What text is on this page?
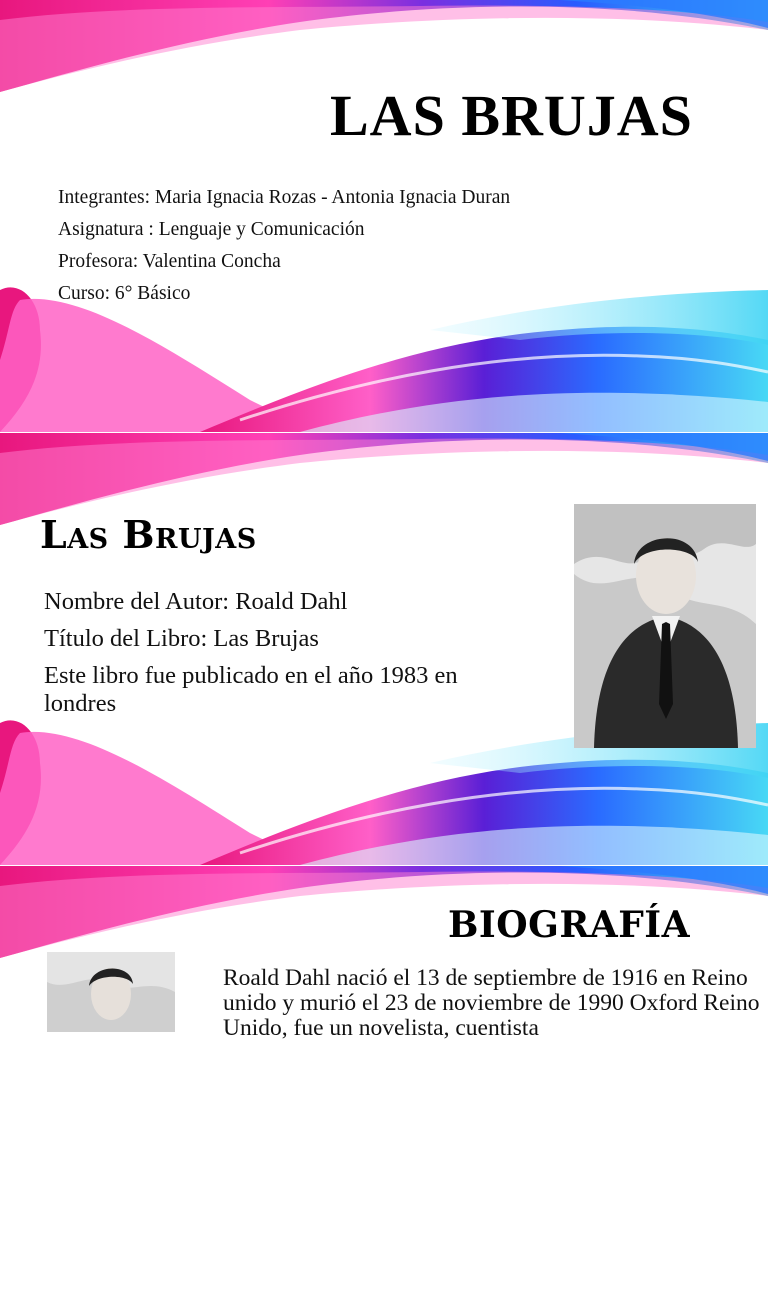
LAS BRUJAS
Integrantes: Maria Ignacia Rozas - Antonia Ignacia Duran
Asignatura : Lenguaje y Comunicación
Profesora: Valentina Concha
Curso: 6° Básico
Las Brujas

Nombre del Autor: Roald Dahl

Título del Libro: Las Brujas

Este libro fue publicado en el año 1983 en londres

BIOGRAFÍA
Roald Dahl nació el 13 de septiembre de 1916 en Reino unido y murió el 23 de noviembre de 1990 Oxford Reino Unido, fue un novelista, cuentista
